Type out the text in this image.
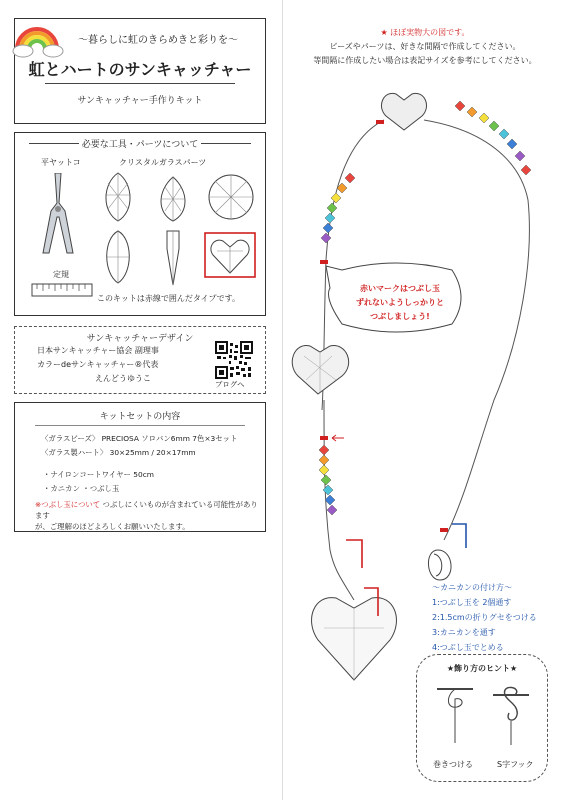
～暮らしに虹のきらめきと彩りを～
虹とハートのサンキャッチャー
サンキャッチャー手作りキット
必要な工具・パーツについて
平ヤットコ	クリスタルガラスパーツ
定規
このキットは赤線で囲んだタイプです。
サンキャッチャーデザイン
日本サンキャッチャー協会 副理事
カラーdeサンキャッチャー®代表
えんどうゆうこ
ブログへ
キットセットの内容
〈ガラスビーズ〉 PRECIOSA ソロバン6mm 7色×3セット
〈ガラス製ハート〉 30×25mm / 20×17mm
・ナイロンコートワイヤー 50cm
・カニカン ・つぶし玉
※つぶし玉について つぶしにくいものが含まれている可能性があります
が、ご理解のほどよろしくお願いいたします。
★ ほぼ実物大の図です。
ビーズやパーツは、好きな間隔で作成してください。
等間隔に作成したい場合は表記サイズを参考にしてください。
赤いマークはつぶし玉
ずれないようしっかりと
つぶしましょう!
～カニカンの付け方～
1:つぶし玉を 2個通す
2:1.5cmの折りグセをつける
3:カニカンを通す
4:つぶし玉でとめる
★飾り方のヒント★
巻きつける	S字フック
